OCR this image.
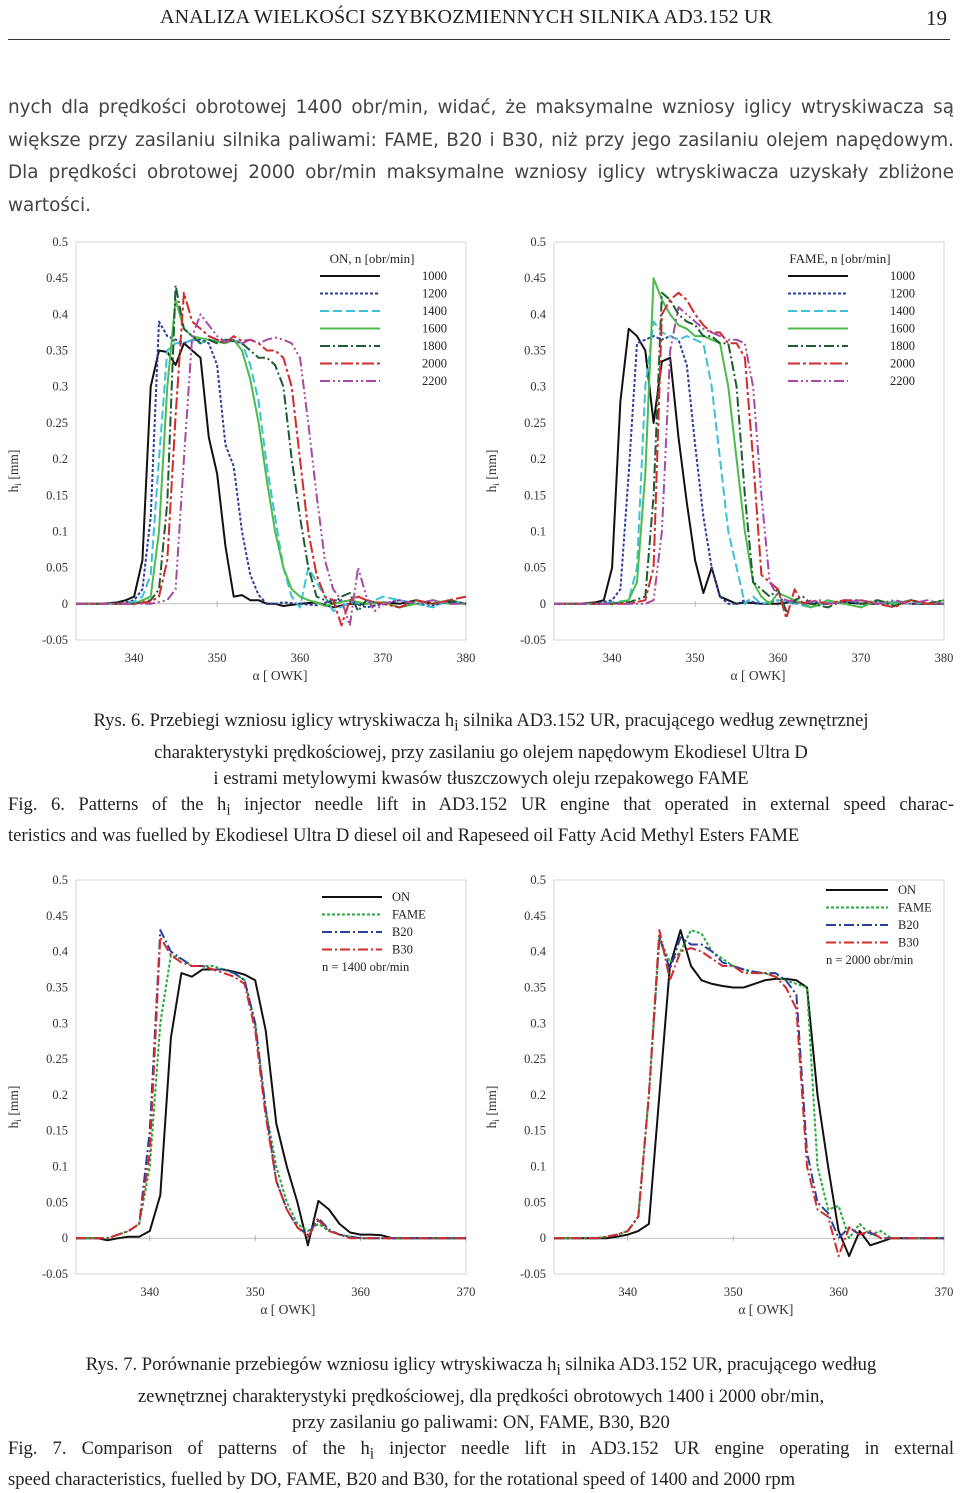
ANALIZA WIELKOŚCI SZYBKOZMIENNYCH SILNIKA AD3.152 UR	19

nych dla prędkości obrotowej 1400 obr/min, widać, że maksymalne wzniosy iglicy wtryskiwacza są większe przy zasilaniu silnika paliwami: FAME, B20 i B30, niż przy jego zasilaniu olejem napędowym. Dla prędkości obrotowej 2000 obr/min maksymalne wzniosy iglicy wtryskiwacza uzyskały zbliżone wartości.

-0.05
0
0.05
0.1
0.15
0.2
0.25
0.3
0.35
0.4
0.45
0.5
340	350	360	370	380
α [ OWK]
$h_i$ [mm]
ON, n [obr/min]
1000
1200
1400
1600
1800
2000
2200
-0.05
0
0.05
0.1
0.15
0.2
0.25
0.3
0.35
0.4
0.45
0.5
340	350	360	370	380
α [ OWK]
$h_i$ [mm]
FAME, n [obr/min]
1000
1200
1400
1600
1800
2000
2200
Rys. 6. Przebiegi wzniosu iglicy wtryskiwacza $h_i$ silnika AD3.152 UR, pracującego według zewnętrznej
charakterystyki prędkościowej, przy zasilaniu go olejem napędowym Ekodiesel Ultra D
i estrami metylowymi kwasów tłuszczowych oleju rzepakowego FAME
Fig. 6. Patterns of the $h_i$ injector needle lift in AD3.152 UR engine that operated in external speed charac-
teristics and was fuelled by Ekodiesel Ultra D diesel oil and Rapeseed oil Fatty Acid Methyl Esters FAME
-0.05
0
0.05
0.1
0.15
0.2
0.25
0.3
0.35
0.4
0.45
0.5
340	350	360	370
α [ OWK]
$h_i$ [mm]
ON
FAME
B20
B30
n = 1400 obr/min
-0.05
0
0.05
0.1
0.15
0.2
0.25
0.3
0.35
0.4
0.45
0.5
340	350	360	370
α [ OWK]
$h_i$ [mm]
ON
FAME
B20
B30
n = 2000 obr/min
Rys. 7. Porównanie przebiegów wzniosu iglicy wtryskiwacza $h_i$ silnika AD3.152 UR, pracującego według
zewnętrznej charakterystyki prędkościowej, dla prędkości obrotowych 1400 i 2000 obr/min,
przy zasilaniu go paliwami: ON, FAME, B30, B20
Fig. 7. Comparison of patterns of the $h_i$ injector needle lift in AD3.152 UR engine operating in external
speed characteristics, fuelled by DO, FAME, B20 and B30, for the rotational speed of 1400 and 2000 rpm
